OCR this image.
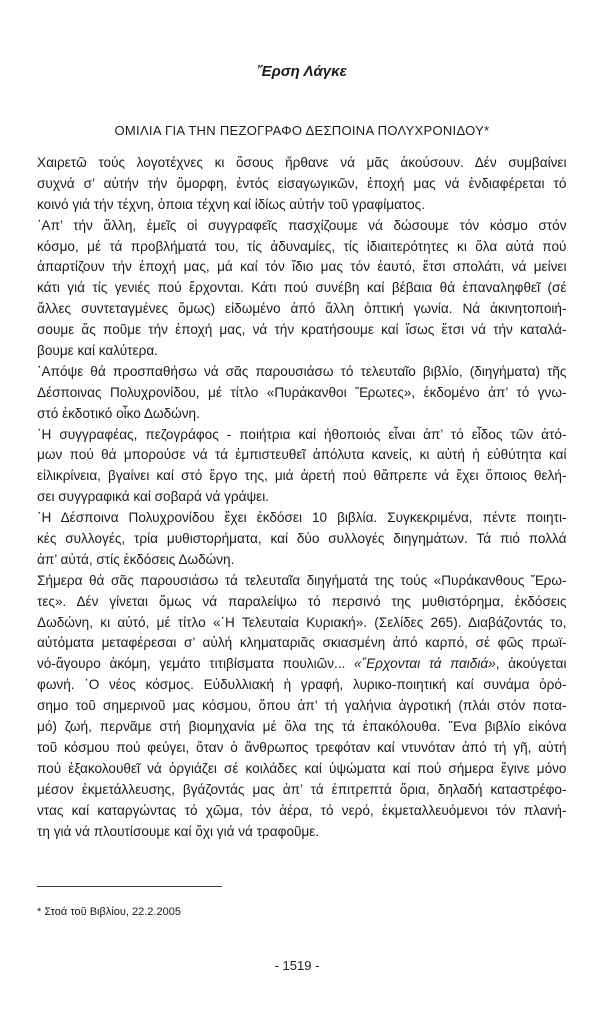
Ἔρση Λάγκε
ΟΜΙΛΙΑ ΓΙΑ ΤΗΝ ΠΕΖΟΓΡΑΦΟ ΔΕΣΠΟΙΝΑ ΠΟΛΥΧΡΟΝΙΔΟΥ*
Χαιρετῶ τούς λογοτέχνες κι ὅσους ἤρθανε νά μᾶς ἀκούσουν. Δέν συμβαίνει
συχνά σ’ αὐτήν τήν ὄμορφη, ἐντός εἰσαγωγικῶν, ἐποχή μας νά ἐνδιαφέρεται τό
κοινό γιά τήν τέχνη, ὁποια τέχνη καί ἰδίως αὐτήν τοῦ γραφίματος.
᾿Απ’ τήν ἄλλη, ἐμεῖς οἱ συγγραφεῖς πασχίζουμε νά δώσουμε τόν κόσμο στόν
κόσμο, μέ τά προβλήματά του, τίς ἀδυναμίες, τίς ἰδιαιτερότητες κι ὅλα αὐτά πού
ἀπαρτίζουν τήν ἐποχή μας, μά καί τόν ἴδιο μας τόν ἑαυτό, ἔτσι σπολάτι, νά μείνει
κάτι γιά τίς γενιές πού ἔρχονται. Κάτι πού συνέβη καί βέβαια θά ἐπαναληφθεῖ (σέ
ἄλλες συντεταγμένες ὅμως) εἰδωμένο ἀπό ἄλλη ὀπτική γωνία. Νά ἀκινητοποιή-
σουμε ἄς ποῦμε τήν ἐποχή μας, νά τήν κρατήσουμε καί ἴσως ἔτσι νά τήν καταλά-
βουμε καί καλύτερα.
᾿Απόψε θά προσπαθήσω νά σᾶς παρουσιάσω τό τελευταῖο βιβλίο, (διηγήματα) τῆς
Δέσποινας Πολυχρονίδου, μέ τίτλο «Πυράκανθοι Ἔρωτες», ἐκδομένο ἀπ’ τό γνω-
στό ἐκδοτικό οἶκο Δωδώνη.
῾Η συγγραφέας, πεζογράφος - ποιήτρια καί ἠθοποιός εἶναι ἀπ’ τό εἶδος τῶν ἀτό-
μων πού θά μπορούσε νά τά ἐμπιστευθεῖ ἀπόλυτα κανείς, κι αὐτή ἡ εὐθύτητα καί
εἰλικρίνεια, βγαίνει καί στό ἔργο της, μιά ἀρετή πού θἄπρεπε νά ἔχει ὅποιος θελή-
σει συγγραφικά καί σοβαρά νά γράψει.
῾Η Δέσποινα Πολυχρονίδου ἔχει ἐκδόσει 10 βιβλία. Συγκεκριμένα, πέντε ποιητι-
κές συλλογές, τρία μυθιστορήματα, καί δύο συλλογές διηγημάτων. Τά πιό πολλά
ἀπ’ αὐτά, στίς ἐκδόσεις Δωδώνη.
Σήμερα θά σᾶς παρουσιάσω τά τελευταῖα διηγήματά της τούς «Πυράκανθους Ἔρω-
τες». Δέν γίνεται ὅμως νά παραλείψω τό περσινό της μυθιστόρημα, ἐκδόσεις
Δωδώνη, κι αὐτό, μέ τίτλο «῾Η Τελευταία Κυριακή». (Σελίδες 265). Διαβάζοντάς το,
αὐτόματα μεταφέρεσαι σ’ αὐλή κληματαριᾶς σκιασμένη ἀπό καρπό, σέ φῶς πρωϊ-
νό-ἄγουρο ἀκόμη, γεμάτο τιτιβίσματα πουλιῶν... «῎Ερχονται τά παιδιά», ἀκούγεται
φωνή. ῾Ο νέος κόσμος. Εὐδυλλιακή ἡ γραφή, λυρικο-ποιητική καί συνάμα ὀρό-
σημο τοῦ σημερινοῦ μας κόσμου, ὅπου ἀπ’ τή γαλήνια ἀγροτική (πλάι στόν ποτα-
μό) ζωή, περνᾶμε στή βιομηχανία μέ ὅλα της τά ἐπακόλουθα. ῞Ενα βιβλίο εἰκόνα
τοῦ κόσμου πού φεύγει, ὅταν ὁ ἄνθρωπος τρεφόταν καί ντυνόταν ἀπό τή γῆ, αὐτή
πού ἐξακολουθεῖ νά ὀργιάζει σέ κοιλάδες καί ὑψώματα καί πού σήμερα ἔγινε μόνο
μέσον ἐκμετάλλευσης, βγάζοντάς μας ἀπ’ τά ἐπιτρεπτά ὅρια, δηλαδή καταστρέφο-
ντας καί καταργώντας τό χῶμα, τόν ἀέρα, τό νερό, ἐκμεταλλευόμενοι τόν πλανή-
τη γιά νά πλουτίσουμε καί ὄχι γιά νά τραφοῦμε.
* Στοά τοῦ Βιβλίου, 22.2.2005
- 1519 -
